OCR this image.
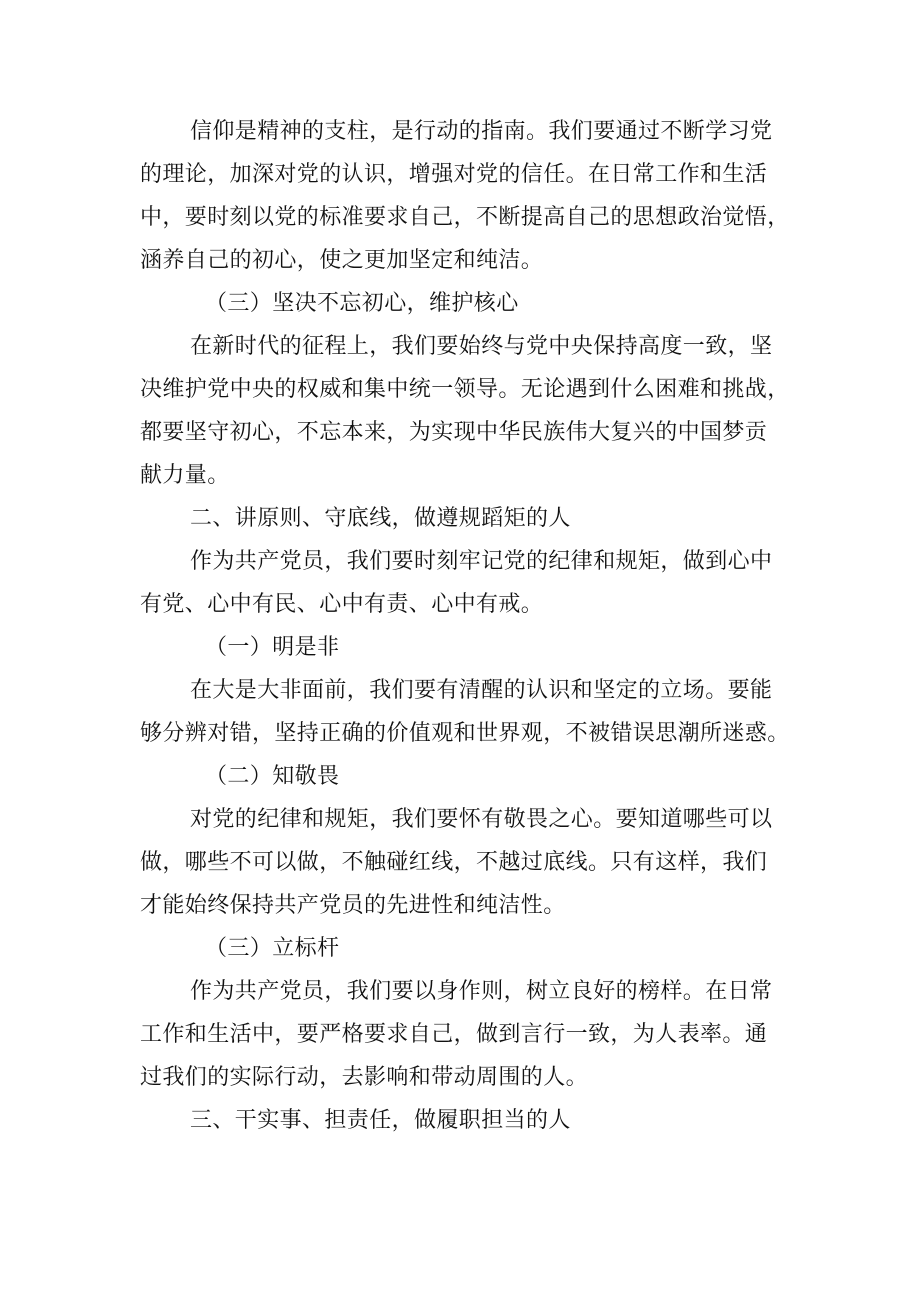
信仰是精神的支柱，是行动的指南。我们要通过不断学习党
的理论，加深对党的认识，增强对党的信任。在日常工作和生活
中，要时刻以党的标准要求自己，不断提高自己的思想政治觉悟，
涵养自己的初心，使之更加坚定和纯洁。
（三）坚决不忘初心，维护核心
在新时代的征程上，我们要始终与党中央保持高度一致，坚
决维护党中央的权威和集中统一领导。无论遇到什么困难和挑战，
都要坚守初心，不忘本来，为实现中华民族伟大复兴的中国梦贡
献力量。
二、讲原则、守底线，做遵规蹈矩的人
作为共产党员，我们要时刻牢记党的纪律和规矩，做到心中
有党、心中有民、心中有责、心中有戒。
（一）明是非
在大是大非面前，我们要有清醒的认识和坚定的立场。要能
够分辨对错，坚持正确的价值观和世界观，不被错误思潮所迷惑。
（二）知敬畏
对党的纪律和规矩，我们要怀有敬畏之心。要知道哪些可以
做，哪些不可以做，不触碰红线，不越过底线。只有这样，我们
才能始终保持共产党员的先进性和纯洁性。
（三）立标杆
作为共产党员，我们要以身作则，树立良好的榜样。在日常
工作和生活中，要严格要求自己，做到言行一致，为人表率。通
过我们的实际行动，去影响和带动周围的人。
三、干实事、担责任，做履职担当的人
